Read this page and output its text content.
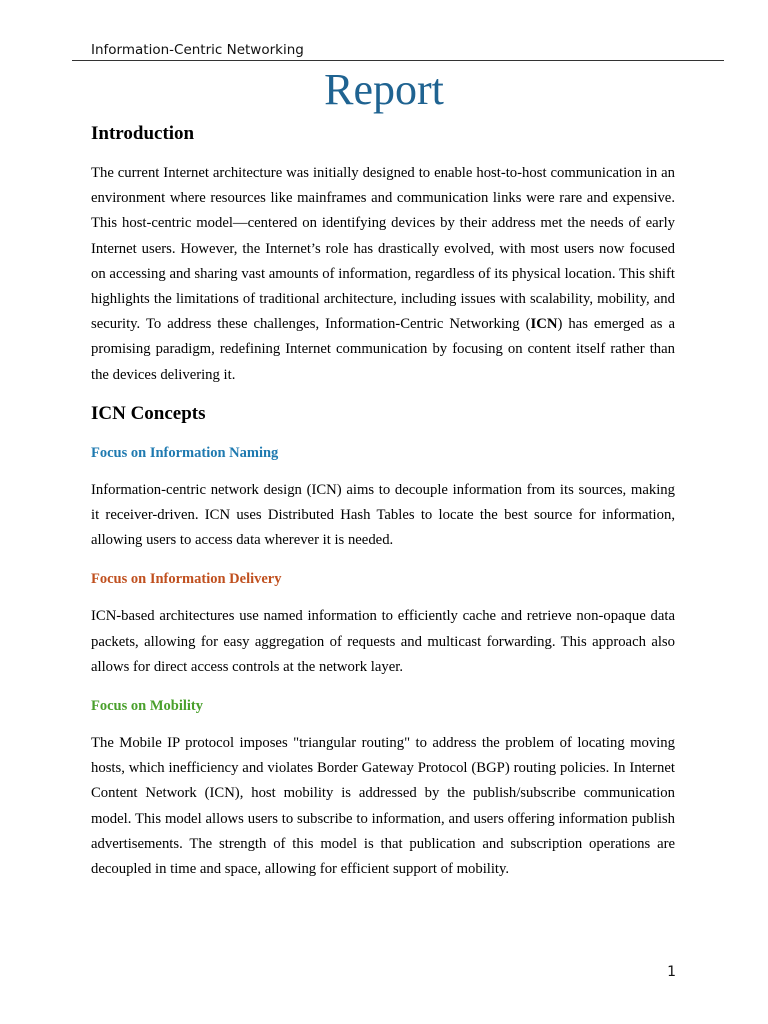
Information-Centric Networking
Report
Introduction

The current Internet architecture was initially designed to enable host-to-host communication in an environment where resources like mainframes and communication links were rare and expensive. This host-centric model—centered on identifying devices by their address met the needs of early Internet users. However, the Internet’s role has drastically evolved, with most users now focused on accessing and sharing vast amounts of information, regardless of its physical location. This shift highlights the limitations of traditional architecture, including issues with scalability, mobility, and security. To address these challenges, Information-Centric Networking (ICN) has emerged as a promising paradigm, redefining Internet communication by focusing on content itself rather than the devices delivering it.

ICN Concepts
Focus on Information Naming

Information-centric network design (ICN) aims to decouple information from its sources, making it receiver-driven. ICN uses Distributed Hash Tables to locate the best source for information, allowing users to access data wherever it is needed.

Focus on Information Delivery

ICN-based architectures use named information to efficiently cache and retrieve non-opaque data packets, allowing for easy aggregation of requests and multicast forwarding. This approach also allows for direct access controls at the network layer.

Focus on Mobility

The Mobile IP protocol imposes "triangular routing" to address the problem of locating moving hosts, which inefficiency and violates Border Gateway Protocol (BGP) routing policies. In Internet Content Network (ICN), host mobility is addressed by the publish/subscribe communication model. This model allows users to subscribe to information, and users offering information publish advertisements. The strength of this model is that publication and subscription operations are decoupled in time and space, allowing for efficient support of mobility.

1
